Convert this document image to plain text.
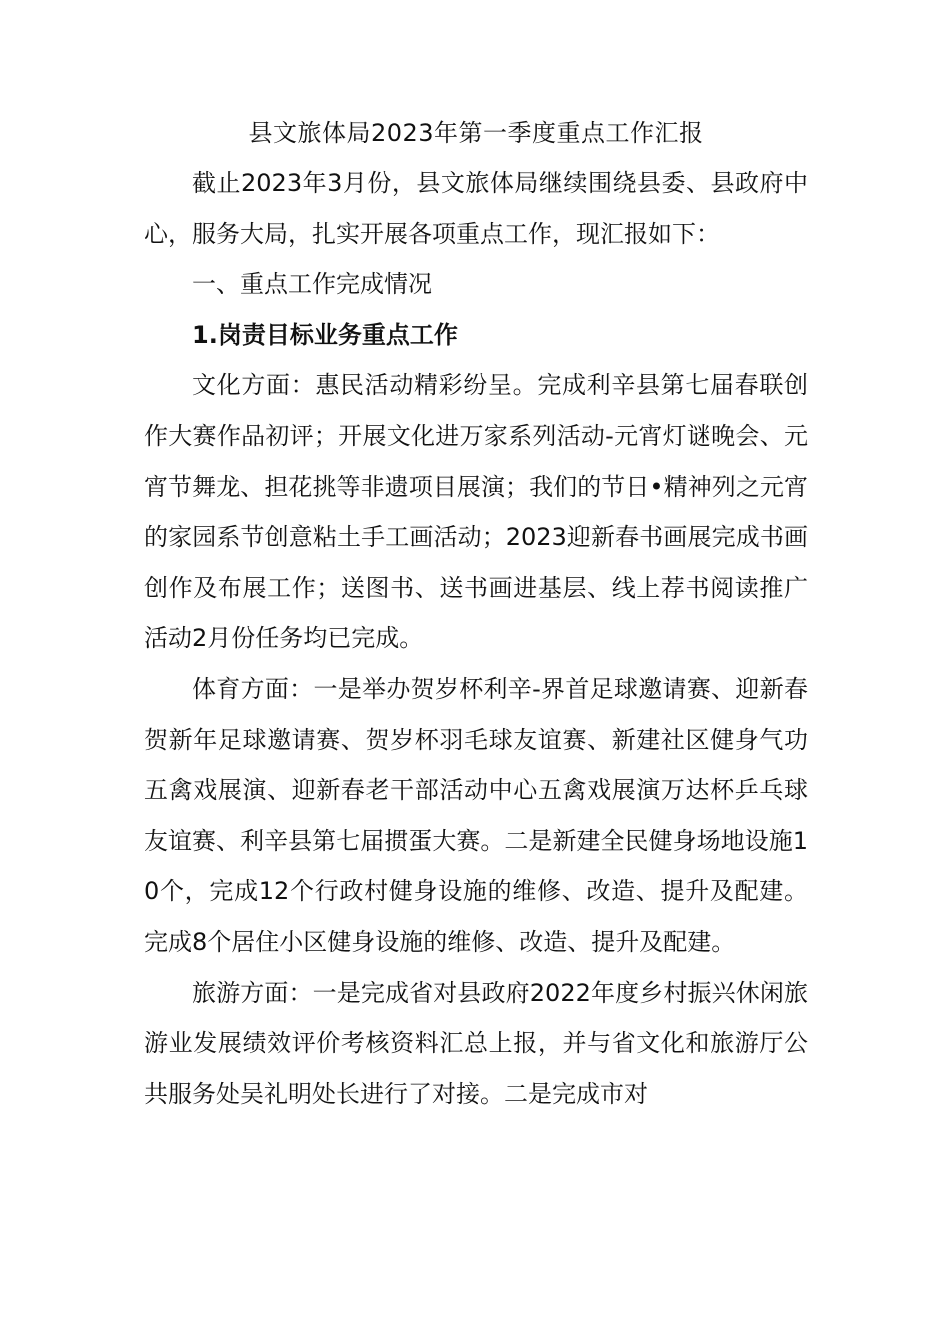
县文旅体局2023年第一季度重点工作汇报

截止2023年3月份，县文旅体局继续围绕县委、县政府中心，服务大局，扎实开展各项重点工作，现汇报如下：

一、重点工作完成情况

1.岗责目标业务重点工作

文化方面：惠民活动精彩纷呈。完成利辛县第七届春联创作大赛作品初评；开展文化进万家系列活动-元宵灯谜晚会、元宵节舞龙、担花挑等非遗项目展演；我们的节日•精神列之元宵的家园系节创意粘土手工画活动；2023迎新春书画展完成书画创作及布展工作；送图书、送书画进基层、线上荐书阅读推广活动2月份任务均已完成。

体育方面：一是举办贺岁杯利辛-界首足球邀请赛、迎新春贺新年足球邀请赛、贺岁杯羽毛球友谊赛、新建社区健身气功五禽戏展演、迎新春老干部活动中心五禽戏展演万达杯乒乓球友谊赛、利辛县第七届掼蛋大赛。二是新建全民健身场地设施10个，完成12个行政村健身设施的维修、改造、提升及配建。完成8个居住小区健身设施的维修、改造、提升及配建。

旅游方面：一是完成省对县政府2022年度乡村振兴休闲旅游业发展绩效评价考核资料汇总上报，并与省文化和旅游厅公共服务处吴礼明处长进行了对接。二是完成市对
